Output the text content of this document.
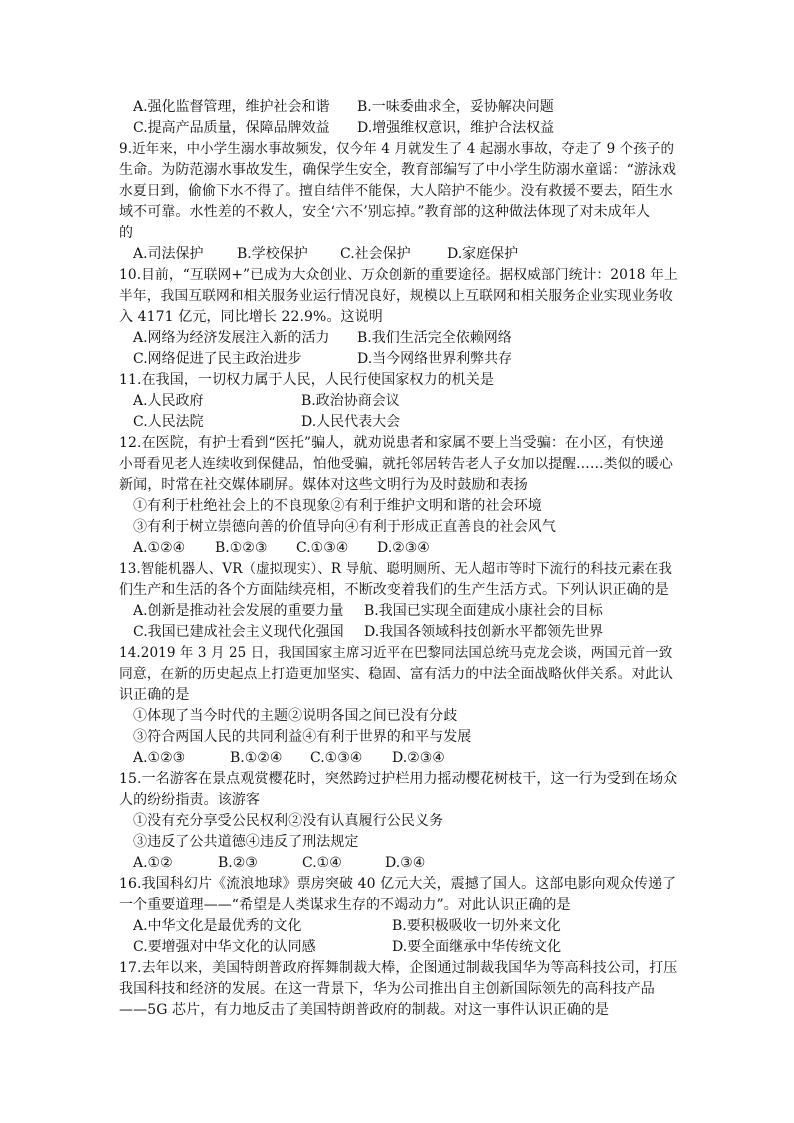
A.强化监督管理，维护社会和谐 B.一味委曲求全，妥协解决问题
C.提高产品质量，保障品牌效益 D.增强维权意识，维护合法权益
9.近年来，中小学生溺水事故频发，仅今年 4 月就发生了 4 起溺水事故，夺走了 9 个孩子的
生命。为防范溺水事故发生，确保学生安全，教育部编写了中小学生防溺水童谣：“游泳戏
水夏日到，偷偷下水不得了。擅自结伴不能保，大人陪护不能少。没有救援不要去，陌生水
域不可靠。水性差的不救人，安全‘六不’别忘掉。”教育部的这种做法体现了对未成年人
的
A.司法保护 B.学校保护 C.社会保护	D.家庭保护
10.目前，“互联网+”已成为大众创业、万众创新的重要途径。据权威部门统计：2018 年上
半年，我国互联网和相关服务业运行情况良好，规模以上互联网和相关服务企业实现业务收
入 4171 亿元，同比增长 22.9%。这说明
A.网络为经济发展注入新的活力 B.我们生活完全依赖网络
C.网络促进了民主政治进步	D.当今网络世界利弊共存
11.在我国，一切权力属于人民，人民行使国家权力的机关是
A.人民政府	B.政治协商会议
C.人民法院	D.人民代表大会
12.在医院，有护士看到“医托”骗人，就劝说患者和家属不要上当受骗：在小区，有快递
小哥看见老人连续收到保健品，怕他受骗，就托邻居转告老人子女加以提醒……类似的暖心
新闻，时常在社交媒体刷屏。媒体对这些文明行为及时鼓励和表扬
①有利于杜绝社会上的不良现象②有利于维护文明和谐的社会环境
③有利于树立崇德向善的价值导向④有利于形成正直善良的社会风气
A.①②④ B.①②③ C.①③④ D.②③④
13.智能机器人、VR（虚拟现实）、R 导航、聪明厕所、无人超市等时下流行的科技元素在我
们生产和生活的各个方面陆续亮相，不断改变着我们的生产生活方式。下列认识正确的是
A.创新是推动社会发展的重要力量 B.我国已实现全面建成小康社会的目标
C.我国已建成社会主义现代化强国 D.我国各领域科技创新水平都领先世界
14.2019 年 3 月 25 日，我国国家主席习近平在巴黎同法国总统马克龙会谈，两国元首一致
同意，在新的历史起点上打造更加坚实、稳固、富有活力的中法全面战略伙伴关系。对此认
识正确的是
①体现了当今时代的主题②说明各国之间已没有分歧
③符合两国人民的共同利益④有利于世界的和平与发展
A.①②③	B.①②④ C.①③④ D.②③④
15.一名游客在景点观赏樱花时，突然跨过护栏用力摇动樱花树枝干，这一行为受到在场众
人的纷纷指责。该游客
①没有充分享受公民权利②没有认真履行公民义务
③违反了公共道德④违反了刑法规定
A.①②	B.②③	C.①④	D.③④
16.我国科幻片《流浪地球》票房突破 40 亿元大关，震撼了国人。这部电影向观众传递了
一个重要道理——“希望是人类谋求生存的不竭动力”。对此认识正确的是
A.中华文化是最优秀的文化	B.要积极吸收一切外来文化
C.要增强对中华文化的认同感	D.要全面继承中华传统文化
17.去年以来，美国特朗普政府挥舞制裁大棒，企图通过制裁我国华为等高科技公司，打压
我国科技和经济的发展。在这一背景下，华为公司推出自主创新国际领先的高科技产品
——5G 芯片，有力地反击了美国特朗普政府的制裁。对这一事件认识正确的是
